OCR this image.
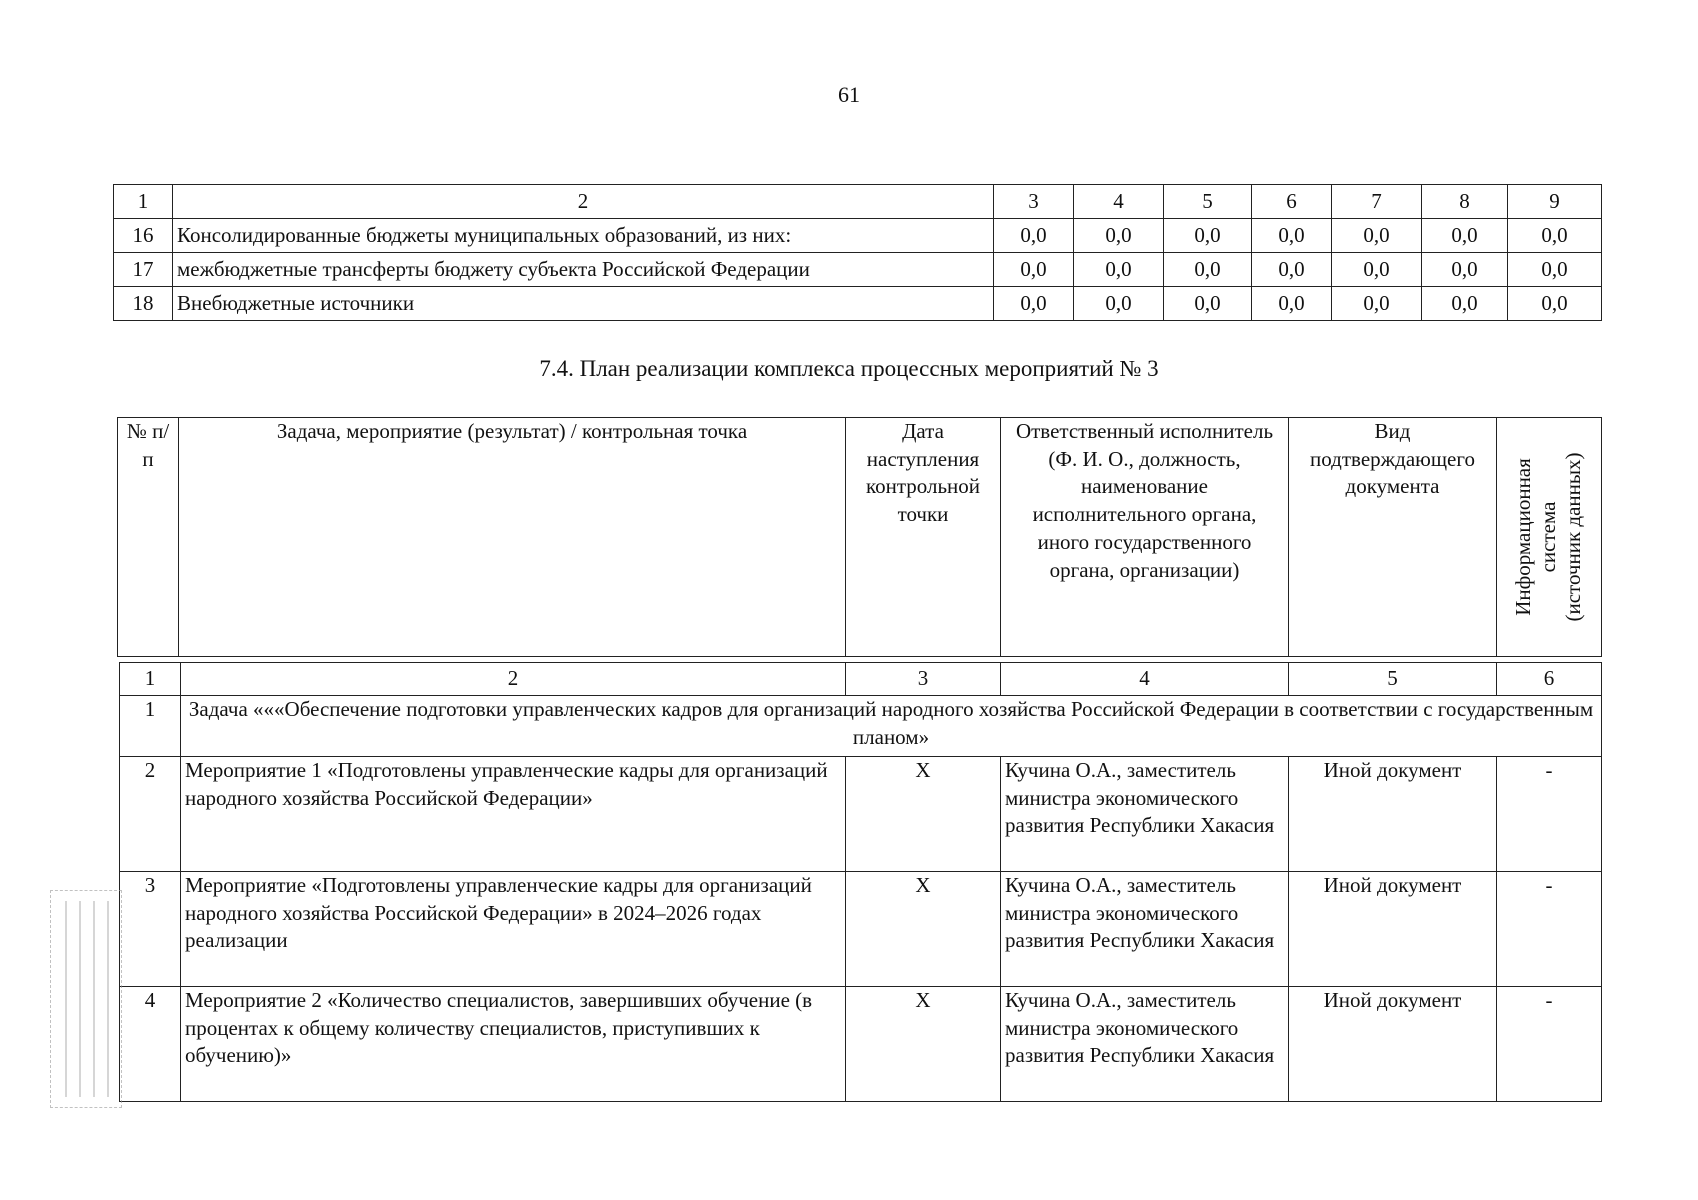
61
1	2	3	4	5	6	7	8	9
16	Консолидированные бюджеты муниципальных образований, из них:	0,0	0,0	0,0	0,0	0,0	0,0	0,0
17	межбюджетные трансферты бюджету субъекта Российской Федерации	0,0	0,0	0,0	0,0	0,0	0,0	0,0
18	Внебюджетные источники	0,0	0,0	0,0	0,0	0,0	0,0	0,0
7.4. План реализации комплекса процессных мероприятий № 3
№ п/п	Задача, мероприятие (результат) / контрольная точка	Дата наступления контрольной точки	Ответственный исполнитель (Ф. И. О., должность, наименование исполнительного органа, иного государственного органа, организации)	Вид подтверждающего документа	Информационная система (источник данных)
1	2	3	4	5	6
1	Задача «««Обеспечение подготовки управленческих кадров для организаций народного хозяйства Российской Федерации в соответствии с государственным планом»				
2	Мероприятие 1 «Подготовлены управленческие кадры для организаций народного хозяйства Российской Федерации»	X	Кучина О.А., заместитель министра экономического развития Республики Хакасия	Иной документ	-
3	Мероприятие «Подготовлены управленческие кадры для организаций народного хозяйства Российской Федерации» в 2024–2026 годах реализации	X	Кучина О.А., заместитель министра экономического развития Республики Хакасия	Иной документ	-
4	Мероприятие 2 «Количество специалистов, завершивших обучение (в процентах к общему количеству специалистов, приступивших к обучению)»	X	Кучина О.А., заместитель министра экономического развития Республики Хакасия	Иной документ	-
